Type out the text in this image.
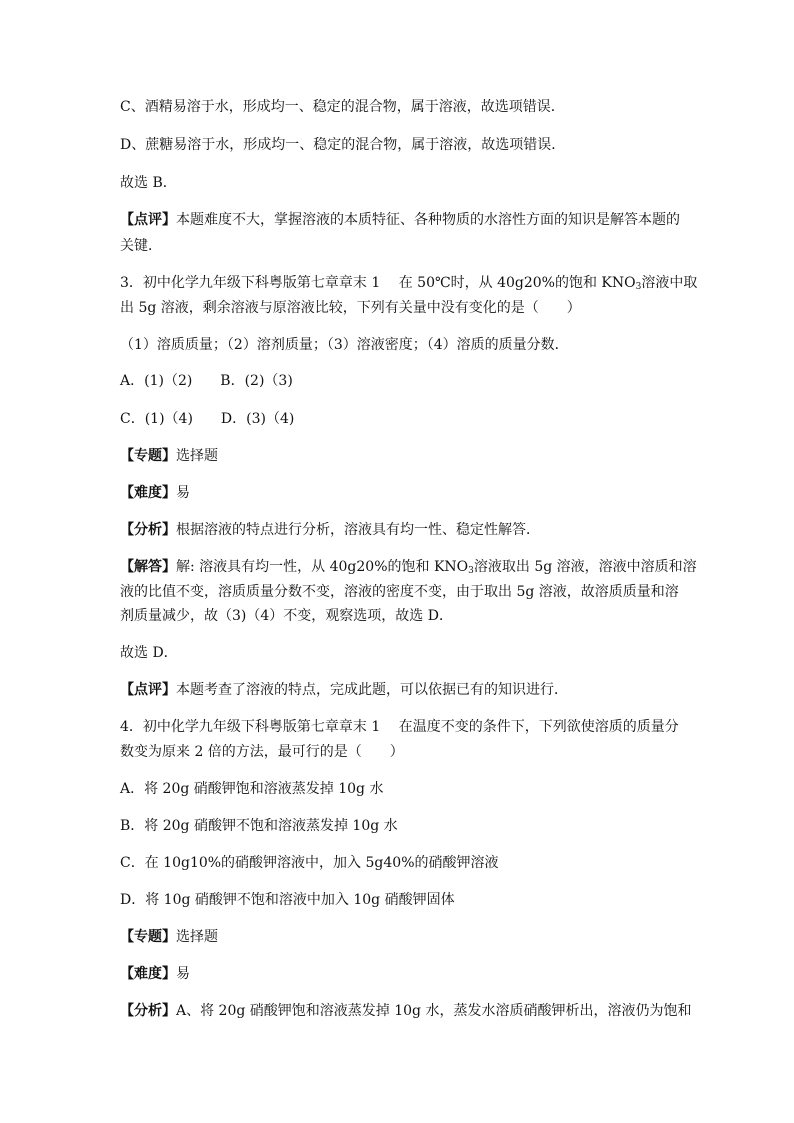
C、酒精易溶于水，形成均一、稳定的混合物，属于溶液，故选项错误．
D、蔗糖易溶于水，形成均一、稳定的混合物，属于溶液，故选项错误．
故选 B．
【点评】本题难度不大，掌握溶液的本质特征、各种物质的水溶性方面的知识是解答本题的
关键．
3．初中化学九年级下科粤版第七章章末 1　 在 50℃时，从 40g20%的饱和 $KNO_3$溶液中取
出 5g 溶液，剩余溶液与原溶液比较，下列有关量中没有变化的是（　　）
（1）溶质质量；（2）溶剂质量；（3）溶液密度；（4）溶质的质量分数．
A．(1)（2)　　B．(2)（3)
C．(1)（4)　　D．(3)（4)
【专题】选择题
【难度】易
【分析】根据溶液的特点进行分析，溶液具有均一性、稳定性解答．
【解答】解: 溶液具有均一性，从 40g20%的饱和 $KNO_3$溶液取出 5g 溶液，溶液中溶质和溶
液的比值不变，溶质质量分数不变，溶液的密度不变，由于取出 5g 溶液，故溶质质量和溶
剂质量减少，故（3)（4）不变，观察选项，故选 D．
故选 D．
【点评】本题考查了溶液的特点，完成此题，可以依据已有的知识进行．
4．初中化学九年级下科粤版第七章章末 1　 在温度不变的条件下，下列欲使溶质的质量分
数变为原来 2 倍的方法，最可行的是（　　）
A．将 20g 硝酸钾饱和溶液蒸发掉 10g 水
B．将 20g 硝酸钾不饱和溶液蒸发掉 10g 水
C．在 10g10%的硝酸钾溶液中，加入 5g40%的硝酸钾溶液
D．将 10g 硝酸钾不饱和溶液中加入 10g 硝酸钾固体
【专题】选择题
【难度】易
【分析】A、将 20g 硝酸钾饱和溶液蒸发掉 10g 水，蒸发水溶质硝酸钾析出，溶液仍为饱和
